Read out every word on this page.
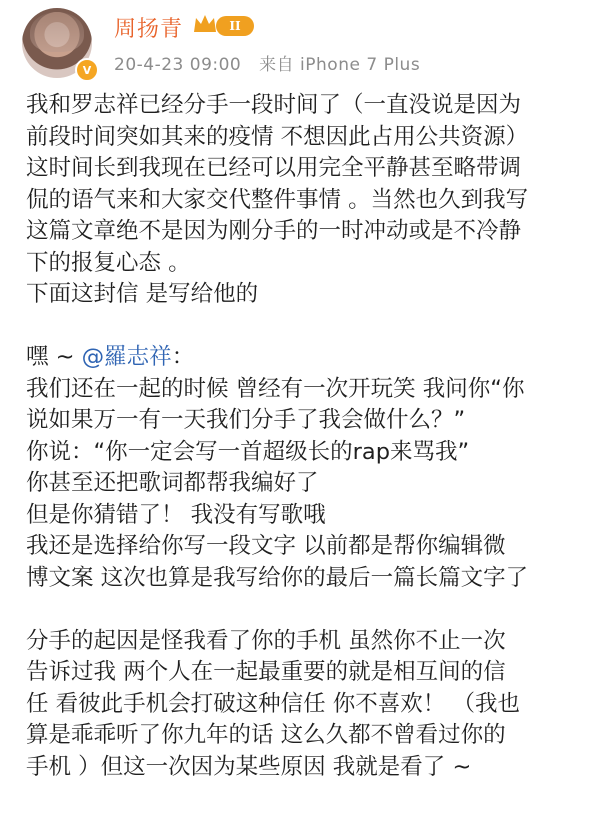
V
周扬青	II
20-4-23 09:00 来自 iPhone 7 Plus
我和罗志祥已经分手一段时间了（一直没说是因为
前段时间突如其来的疫情 不想因此占用公共资源）
这时间长到我现在已经可以用完全平静甚至略带调
侃的语气来和大家交代整件事情 。当然也久到我写
这篇文章绝不是因为刚分手的一时冲动或是不冷静
下的报复心态 。
下面这封信 是写给他的
嘿 ~ @羅志祥：
我们还在一起的时候 曾经有一次开玩笑 我问你“你
说如果万一有一天我们分手了我会做什么？”
你说：“你一定会写一首超级长的rap来骂我”
你甚至还把歌词都帮我编好了
但是你猜错了！ 我没有写歌哦
我还是选择给你写一段文字 以前都是帮你编辑微
博文案 这次也算是我写给你的最后一篇长篇文字了
分手的起因是怪我看了你的手机 虽然你不止一次
告诉过我 两个人在一起最重要的就是相互间的信
任 看彼此手机会打破这种信任 你不喜欢！ （我也
算是乖乖听了你九年的话 这么久都不曾看过你的
手机 ）但这一次因为某些原因 我就是看了 ~
